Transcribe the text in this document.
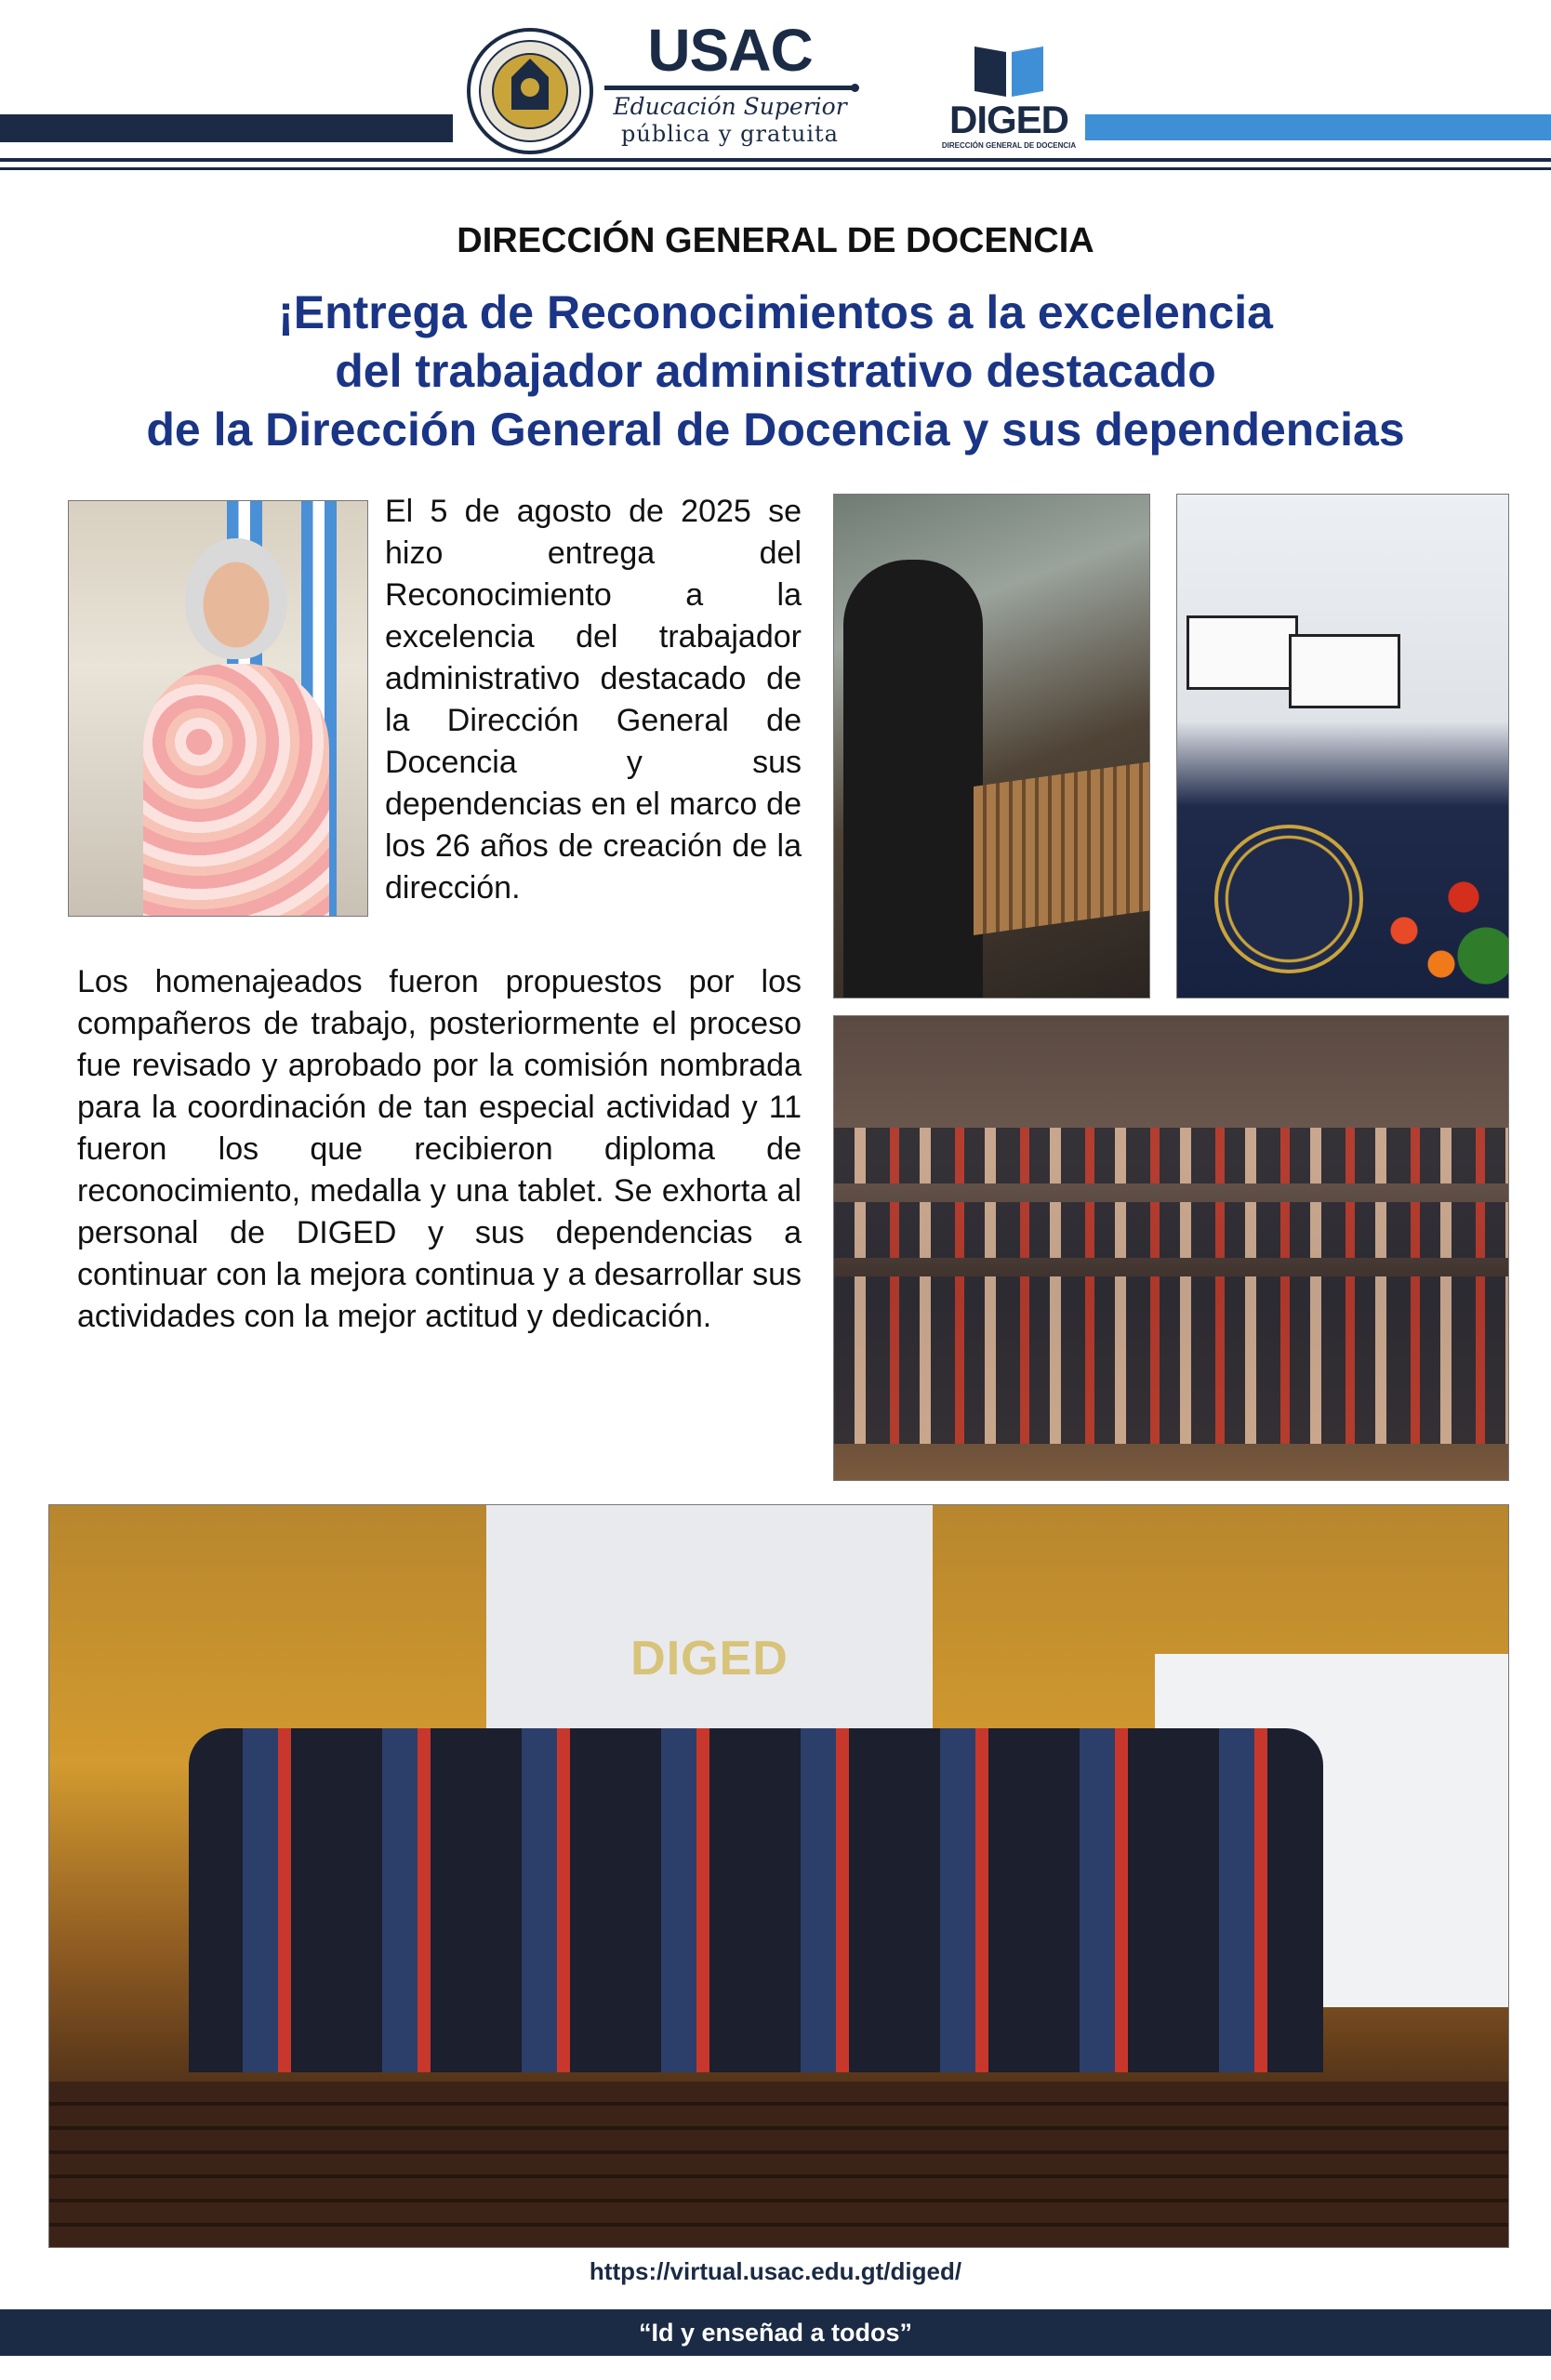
USAC
Educación Superior
pública y gratuita	DIGED
DIRECCIÓN GENERAL DE DOCENCIA
DIRECCIÓN GENERAL DE DOCENCIA
¡Entrega de Reconocimientos a la excelencia
del trabajador administrativo destacado
de la Dirección General de Docencia y sus dependencias
DIGED

El 5 de agosto de 2025 se hizo entrega del Reconocimiento a la excelencia del trabajador administrativo destacado de la Dirección General de Docencia y sus dependencias en el marco de los 26 años de creación de la dirección.

Los homenajeados fueron propuestos por los compañeros de trabajo, posteriormente el proceso fue revisado y aprobado por la comisión nombrada para la coordinación de tan especial actividad y 11 fueron los que recibieron diploma de reconocimiento, medalla y una tablet. Se exhorta al personal de DIGED y sus dependencias a continuar con la mejora continua y a desarrollar sus actividades con la mejor actitud y dedicación.

https://virtual.usac.edu.gt/diged/
“Id y enseñad a todos”
